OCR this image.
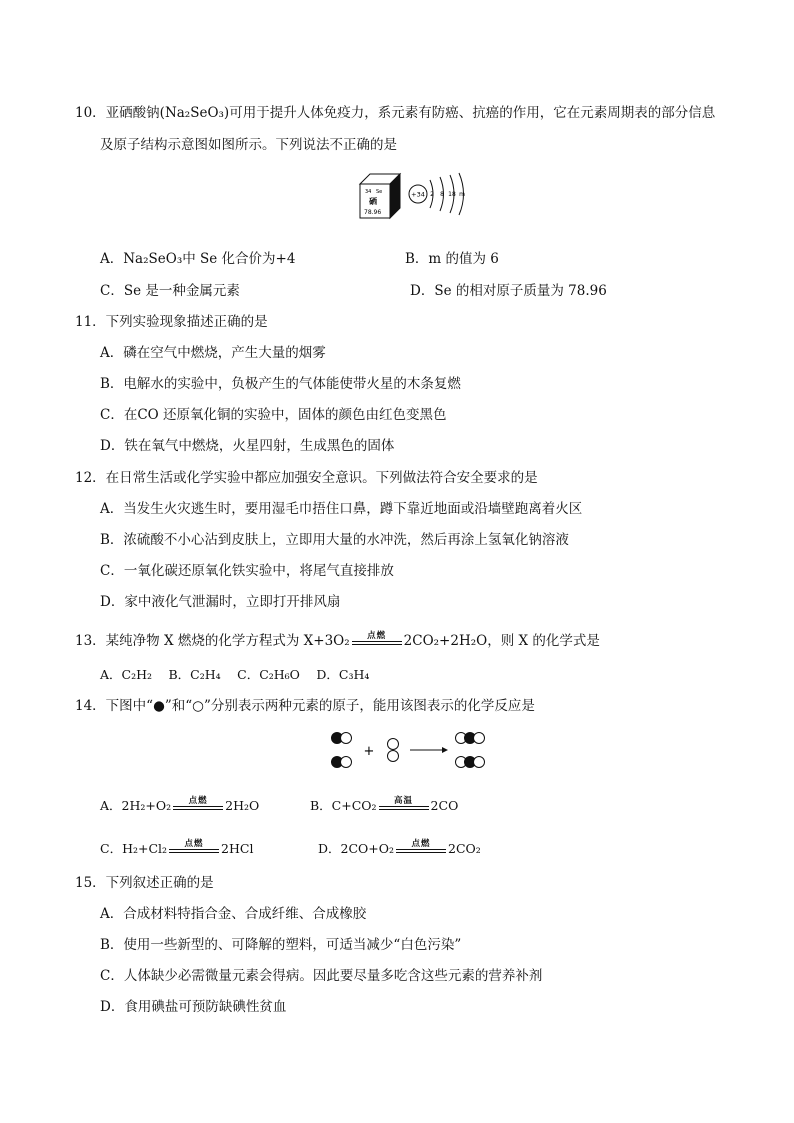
10．亚硒酸钠(Na₂SeO₃)可用于提升人体免疫力，系元素有防癌、抗癌的作用，它在元素周期表的部分信息
及原子结构示意图如图所示。下列说法不正确的是
34 Se
硒
78.96
+34 2 8 18 m
A．Na₂SeO₃中 Se 化合价为+4	B．m 的值为 6
C．Se 是一种金属元素	D．Se 的相对原子质量为 78.96
11．下列实验现象描述正确的是
A．磷在空气中燃烧，产生大量的烟雾
B．电解水的实验中，负极产生的气体能使带火星的木条复燃
C．在CO 还原氧化铜的实验中，固体的颜色由红色变黑色
D．铁在氧气中燃烧，火星四射，生成黑色的固体
12．在日常生活或化学实验中都应加强安全意识。下列做法符合安全要求的是
A．当发生火灾逃生时，要用湿毛巾捂住口鼻，蹲下靠近地面或沿墙壁跑离着火区
B．浓硫酸不小心沾到皮肤上，立即用大量的水冲洗，然后再涂上氢氧化钠溶液
C．一氧化碳还原氧化铁实验中，将尾气直接排放
D．家中液化气泄漏时，立即打开排风扇
13．某纯净物 X 燃烧的化学方程式为 X+3O₂	点燃	2CO₂+2H₂O，则 X 的化学式是
A．C₂H₂　 B．C₂H₄　 C．C₂H₆O　 D．C₃H₄
14．下图中“●”和“○”分别表示两种元素的原子，能用该图表示的化学反应是
+
A．2H₂+O₂	点燃	2H₂O	B．C+CO₂	高温	2CO
C．H₂+Cl₂	点燃	2HCl	D．2CO+O₂	点燃	2CO₂
15．下列叙述正确的是
A．合成材料特指合金、合成纤维、合成橡胶
B．使用一些新型的、可降解的塑料，可适当减少“白色污染”
C．人体缺少必需微量元素会得病。因此要尽量多吃含这些元素的营养补剂
D．食用碘盐可预防缺碘性贫血
